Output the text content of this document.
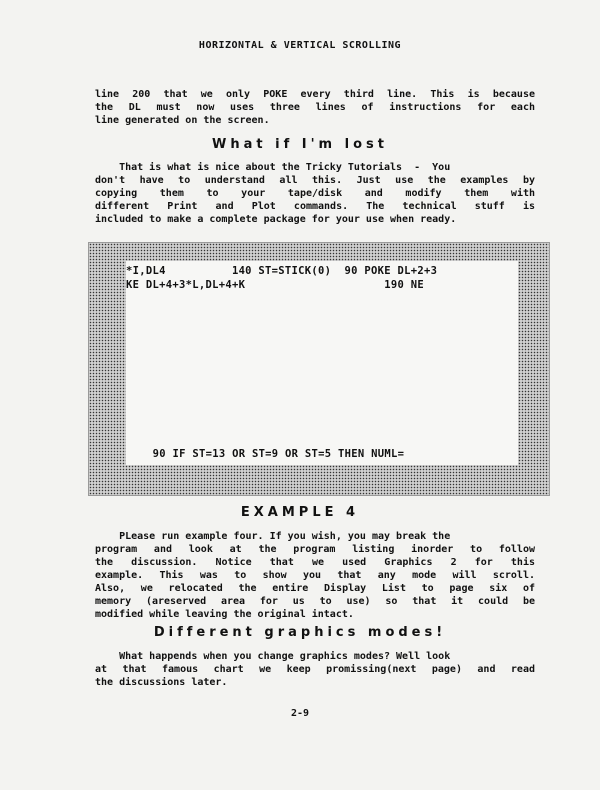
HORIZONTAL & VERTICAL SCROLLING
line 200 that we only POKE every third line. This is because
the DL must now uses three lines of instructions for each
line generated on the screen.
What if I'm lost
That is what is nice about the Tricky Tutorials  -  You
don't have to understand all this. Just use the examples by
copying them to your tape/disk and modify them with
different Print and Plot commands. The technical stuff is
included to make a complete package for your use when ready.
*I,DL4          140 ST=STICK(0)  90 POKE DL+2+3
KE DL+4+3*L,DL+4+K                     190 NE
90 IF ST=13 OR ST=9 OR ST=5 THEN NUML=
EXAMPLE 4
PLease run example four. If you wish, you may break the
program and look at the program listing inorder to follow
the discussion. Notice that we used Graphics 2 for this
example. This was to show you that any mode will scroll.
Also, we relocated the entire Display List to page six of
memory (areserved area for us to use) so that it could be
modified while leaving the original intact.
Different graphics modes!
What happends when you change graphics modes? Well look
at that famous chart we keep promissing(next page) and read
the discussions later.
2-9
